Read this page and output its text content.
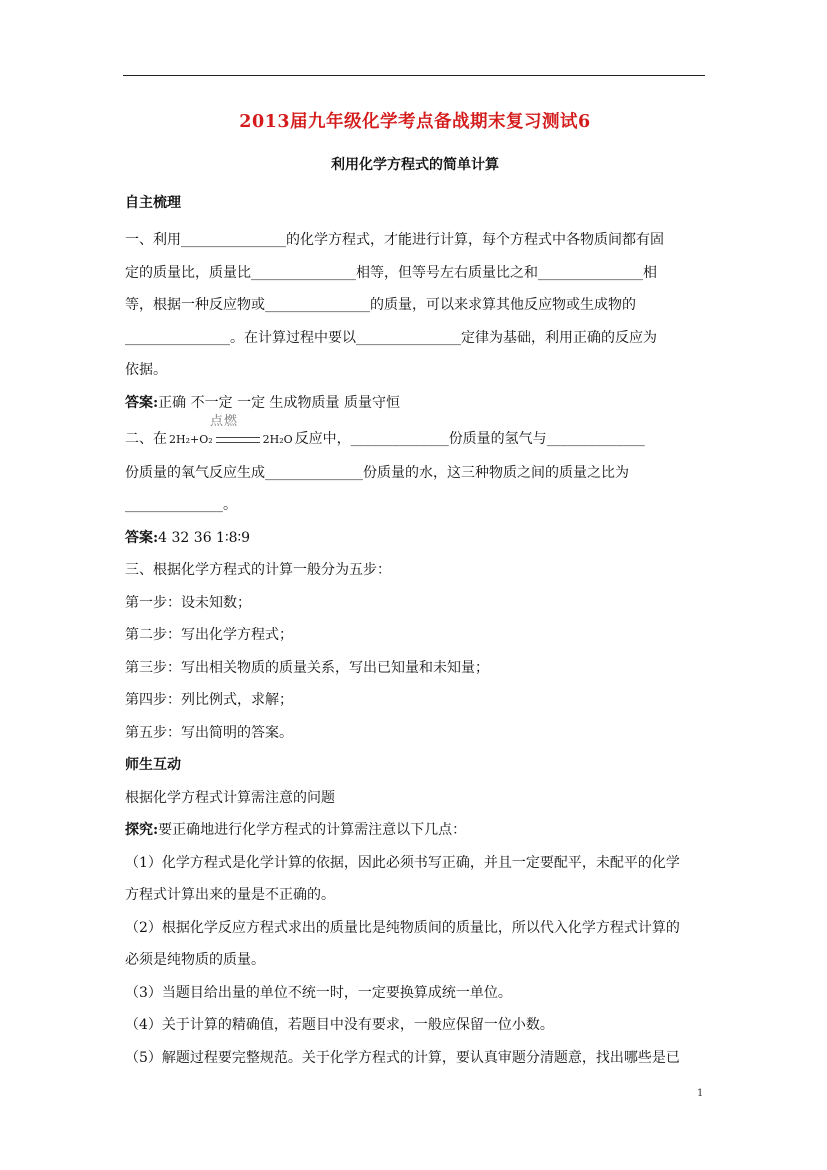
2013届九年级化学考点备战期末复习测试6
利用化学方程式的简单计算
自主梳理

一、利用_______________的化学方程式，才能进行计算，每个方程式中各物质间都有固

定的质量比，质量比_______________相等，但等号左右质量比之和_______________相

等，根据一种反应物或_______________的质量，可以来求算其他反应物或生成物的

_______________。在计算过程中要以_______________定律为基础，利用正确的反应为

依据。

答案:正确 不一定 一定 生成物质量 质量守恒

二、在 2H₂+O₂
点燃
2H₂O 反应中，______________份质量的氢气与______________

份质量的氧气反应生成______________份质量的水，这三种物质之间的质量之比为

______________。

答案:4 32 36 1∶8∶9

三、根据化学方程式的计算一般分为五步：

第一步：设未知数；

第二步：写出化学方程式；

第三步：写出相关物质的质量关系，写出已知量和未知量；

第四步：列比例式，求解；

第五步：写出简明的答案。

师生互动

根据化学方程式计算需注意的问题

探究:要正确地进行化学方程式的计算需注意以下几点：

（1）化学方程式是化学计算的依据，因此必须书写正确，并且一定要配平，未配平的化学

方程式计算出来的量是不正确的。

（2）根据化学反应方程式求出的质量比是纯物质间的质量比，所以代入化学方程式计算的

必须是纯物质的质量。

（3）当题目给出量的单位不统一时，一定要换算成统一单位。

（4）关于计算的精确值，若题目中没有要求，一般应保留一位小数。

（5）解题过程要完整规范。关于化学方程式的计算，要认真审题分清题意，找出哪些是已

1
